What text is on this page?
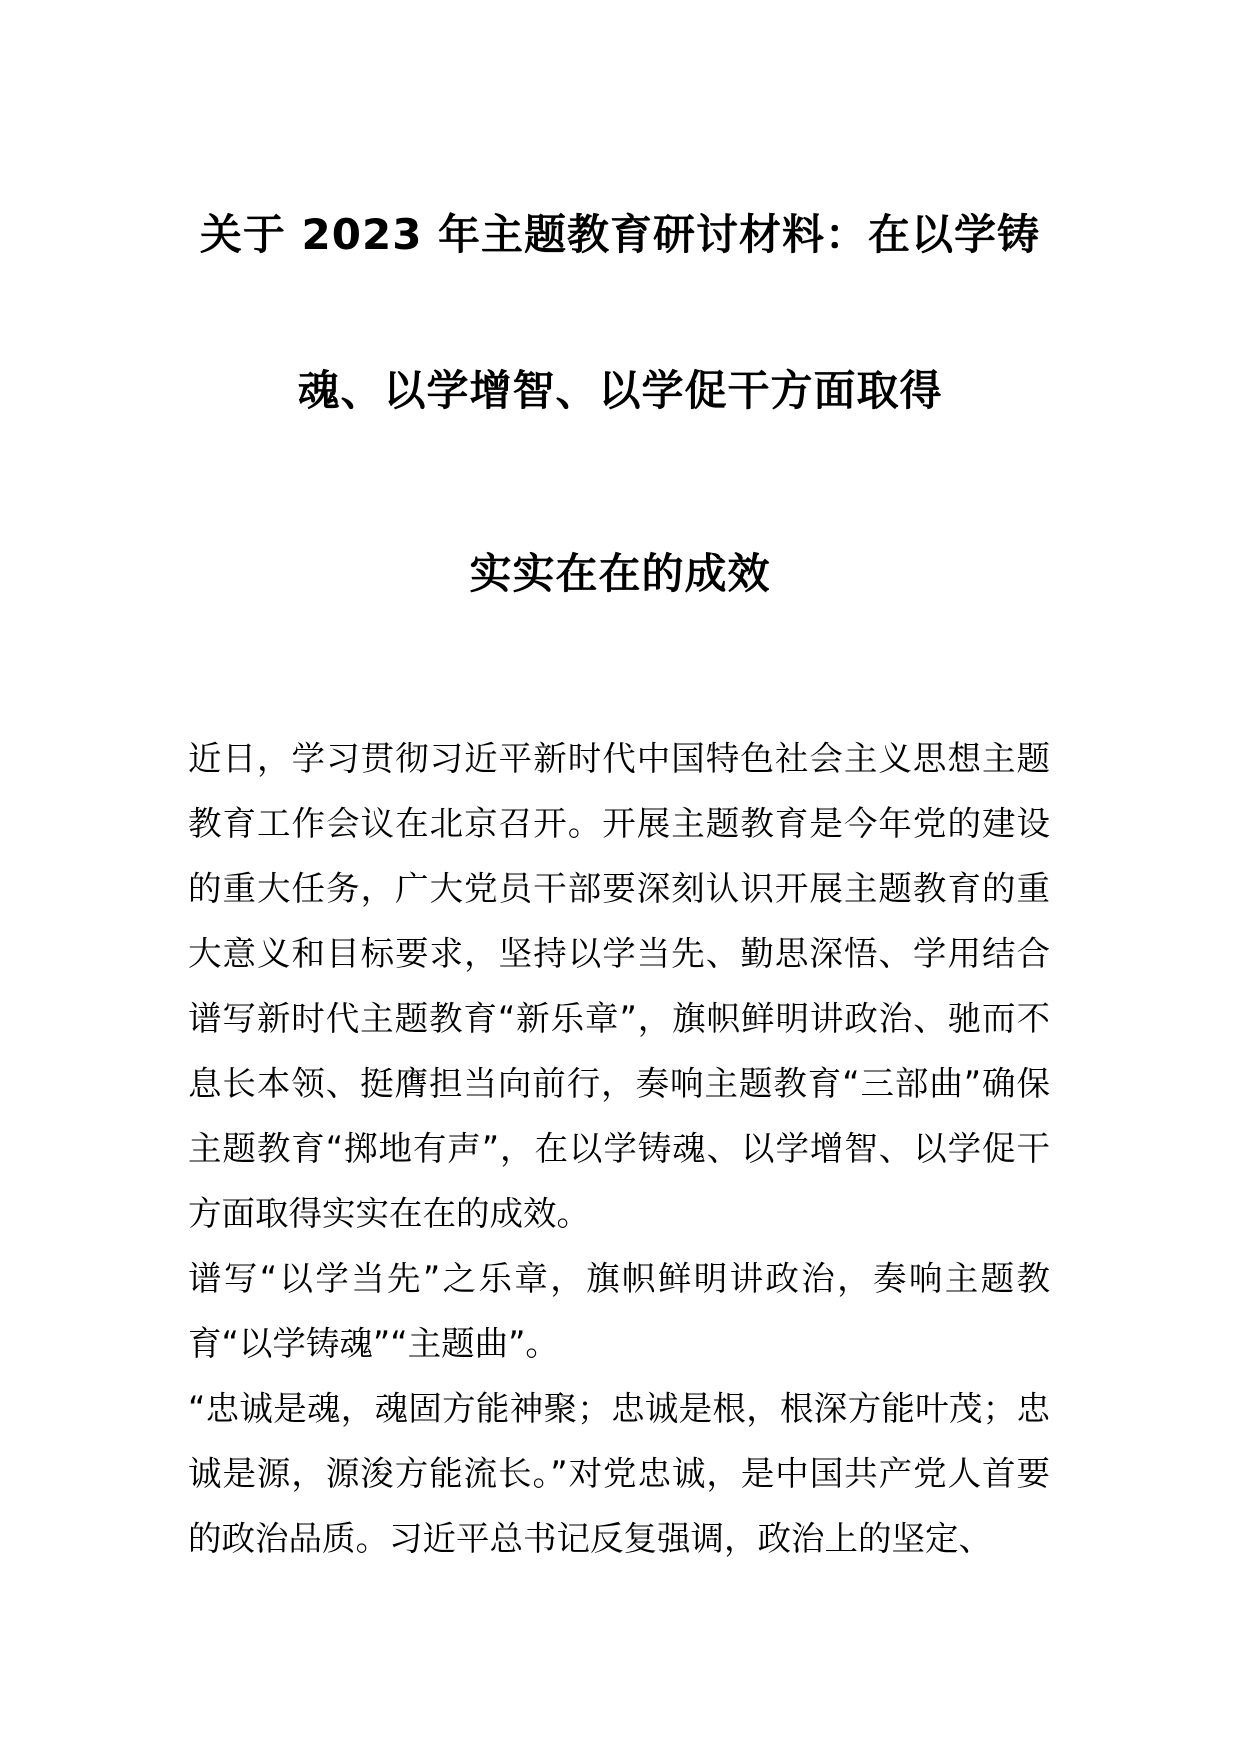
关于 2023 年主题教育研讨材料：在以学铸
魂、以学增智、以学促干方面取得
实实在在的成效

近日，学习贯彻习近平新时代中国特色社会主义思想主题教育工作会议在北京召开。开展主题教育是今年党的建设的重大任务，广大党员干部要深刻认识开展主题教育的重大意义和目标要求，坚持以学当先、勤思深悟、学用结合谱写新时代主题教育“新乐章”，旗帜鲜明讲政治、驰而不息长本领、挺膺担当向前行，奏响主题教育“三部曲”确保主题教育“掷地有声”，在以学铸魂、以学增智、以学促干方面取得实实在在的成效。

谱写“以学当先”之乐章，旗帜鲜明讲政治，奏响主题教育“以学铸魂”“主题曲”。

“忠诚是魂，魂固方能神聚；忠诚是根，根深方能叶茂；忠诚是源，源浚方能流长。”对党忠诚，是中国共产党人首要的政治品质。习近平总书记反复强调，政治上的坚定、
